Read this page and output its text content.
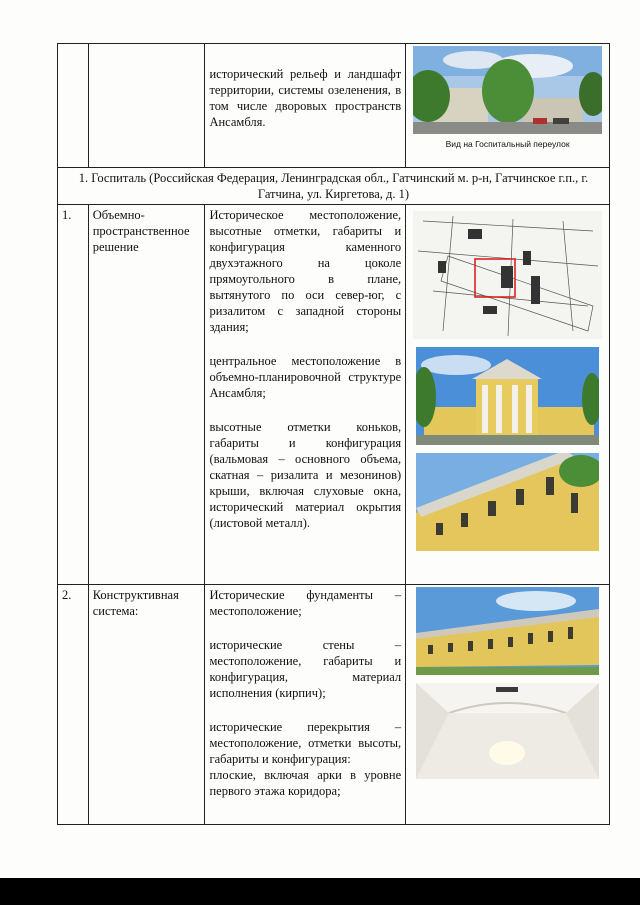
		исторический рельеф и ландшафт территории, системы озеленения, в том числе дворовых пространств Ансамбля.	Вид на Госпитальный переулок

1. Госпиталь (Российская Федерация, Ленинградская обл., Гатчинский м. р-н, Гатчинское г.п., г. Гатчина, ул. Киргетова, д. 1)			
1.	Объемно-пространственное решение	Историческое местоположение, высотные отметки, габариты и конфигурация каменного двухэтажного на цоколе прямоугольного в плане, вытянутого по оси север-юг, с ризалитом с западной стороны здания;

центральное местоположение в объемно-планировочной структуре Ансамбля;

высотные отметки коньков, габариты и конфигурация (вальмовая – основного объема, скатная – ризалита и мезонинов) крыши, включая слуховые окна, исторический материал окрытия (листовой металл).

2.	Конструктивная система:	Исторические фундаменты – местоположение;

исторические стены – местоположение, габариты и конфигурация, материал исполнения (кирпич);

исторические перекрытия – местоположение, отметки высоты, габариты и конфигурация:
плоские, включая арки в уровне первого этажа коридора;
